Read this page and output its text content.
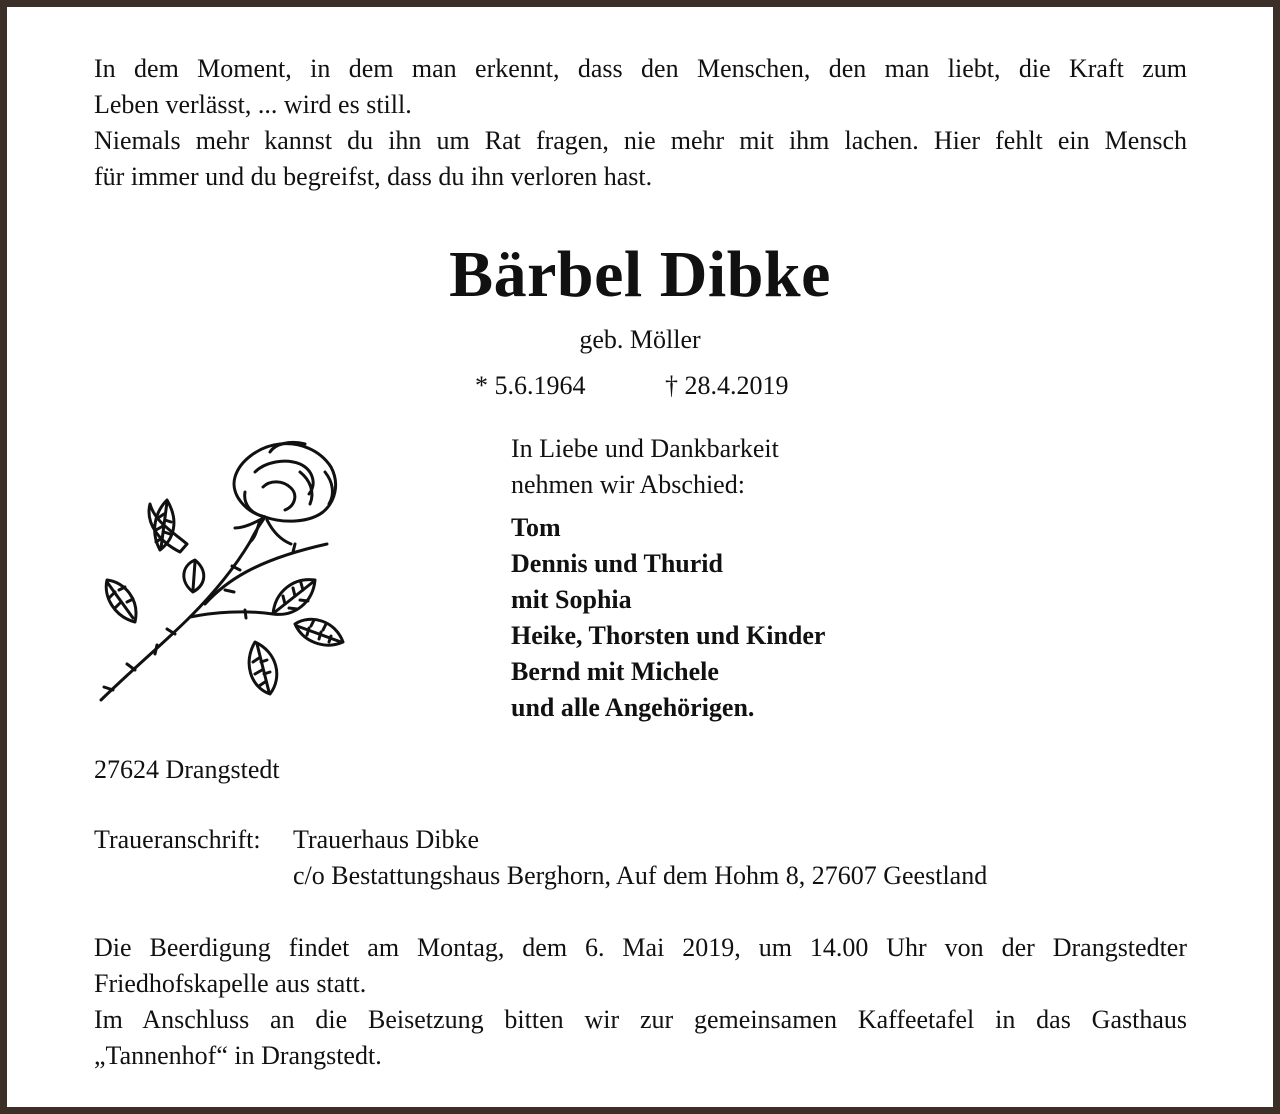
In dem Moment, in dem man erkennt, dass den Menschen, den man liebt, die Kraft zum
Leben verlässt, ... wird es still.
Niemals mehr kannst du ihn um Rat fragen, nie mehr mit ihm lachen. Hier fehlt ein Mensch
für immer und du begreifst, dass du ihn verloren hast.
Bärbel Dibke
geb. Möller
* 5.6.1964	† 28.4.2019
In Liebe und Dankbarkeit
nehmen wir Abschied:
Tom
Dennis und Thurid
mit Sophia
Heike, Thorsten und Kinder
Bernd mit Michele
und alle Angehörigen.
27624 Drangstedt
Traueranschrift: Trauerhaus Dibke
c/o Bestattungshaus Berghorn, Auf dem Hohm 8, 27607 Geestland
Die Beerdigung findet am Montag, dem 6. Mai 2019, um 14.00 Uhr von der Drangstedter
Friedhofskapelle aus statt.
Im Anschluss an die Beisetzung bitten wir zur gemeinsamen Kaffeetafel in das Gasthaus
„Tannenhof“ in Drangstedt.
